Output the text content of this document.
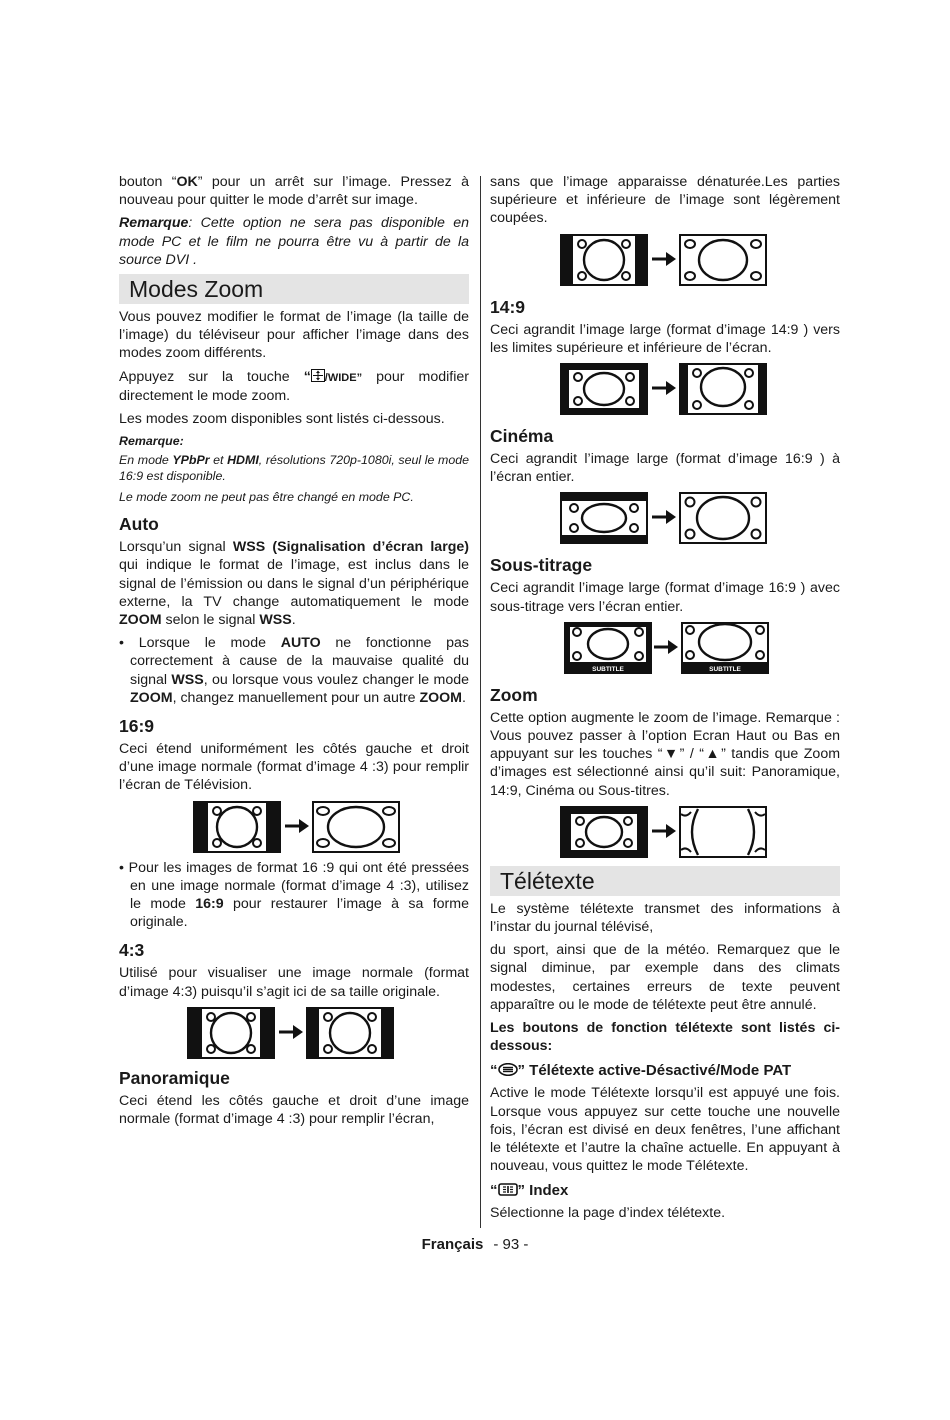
bouton “OK” pour un arrêt sur l’image. Pressez à nouveau pour quitter le mode d’arrêt sur image.

Remarque: Cette option ne sera pas disponible en mode PC et le film ne pourra être vu à partir de la source DVI .

Modes Zoom

Vous pouvez modifier le format de l’image (la taille de l’image) du téléviseur pour afficher l’image dans des modes zoom différents.

Appuyez sur la touche “ /WIDE” pour modifier directement le mode zoom.

Les modes zoom disponibles sont listés ci-dessous.

Remarque:

En mode YPbPr et HDMI, résolutions 720p-1080i, seul le mode 16:9 est disponible.

Le mode zoom ne peut pas être changé en mode PC.

Auto

Lorsqu’un signal WSS (Signalisation d’écran large) qui indique le format de l’image, est inclus dans le signal de l’émission ou dans le signal d’un périphérique externe, la TV change automatiquement le mode ZOOM selon le signal WSS.

• Lorsque le mode AUTO ne fonctionne pas correctement à cause de la mauvaise qualité du signal WSS, ou lorsque vous voulez changer le mode ZOOM, changez manuellement pour un autre ZOOM.

16:9

Ceci étend uniformément les côtés gauche et droit d’une image normale (format d’image 4 :3) pour remplir l’écran de Télévision.

• Pour les images de format 16 :9 qui ont été pressées en une image normale (format d’image 4 :3), utilisez le mode 16:9 pour restaurer l’image à sa forme originale.

4:3

Utilisé pour visualiser une image normale (format d’image 4:3) puisqu’il s’agit ici de sa taille originale.

Panoramique

Ceci étend les côtés gauche et droit d’une image normale (format d’image 4 :3) pour remplir l’écran,

sans que l’image apparaisse dénaturée.Les parties supérieure et inférieure de l’image sont légèrement coupées.

14:9

Ceci agrandit l’image large (format d’image 14:9 ) vers les limites supérieure et inférieure de l’écran.

Cinéma

Ceci agrandit l’image large (format d’image 16:9 ) à l’écran entier.

Sous-titrage

Ceci agrandit l’image large (format d’image 16:9 ) avec sous-titrage vers l’écran entier.

SUBTITLE	SUBTITLE
Zoom

Cette option augmente le zoom de l’image. Remarque : Vous pouvez passer à l’option Ecran Haut ou Bas en appuyant sur les touches “▼” / “▲” tandis que Zoom d’images est sélectionné ainsi qu’il suit: Panoramique, 14:9, Cinéma ou Sous-titres.

Télétexte

Le système télétexte transmet des informations à l’instar du journal télévisé,

du sport, ainsi que de la météo. Remarquez que le signal diminue, par exemple dans des climats modestes, certaines erreurs de texte peuvent apparaître ou le mode de télétexte peut être annulé.

Les boutons de fonction télétexte sont listés ci-dessous:

“ ” Télétexte active-Désactivé/Mode PAT

Active le mode Télétexte lorsqu’il est appuyé une fois. Lorsque vous appuyez sur cette touche une nouvelle fois, l’écran est divisé en deux fenêtres, l’une affichant le télétexte et l’autre la chaîne actuelle. En appuyant à nouveau, vous quittez le mode Télétexte.

“ ” Index

Sélectionne la page d’index télétexte.

Français - 93 -
